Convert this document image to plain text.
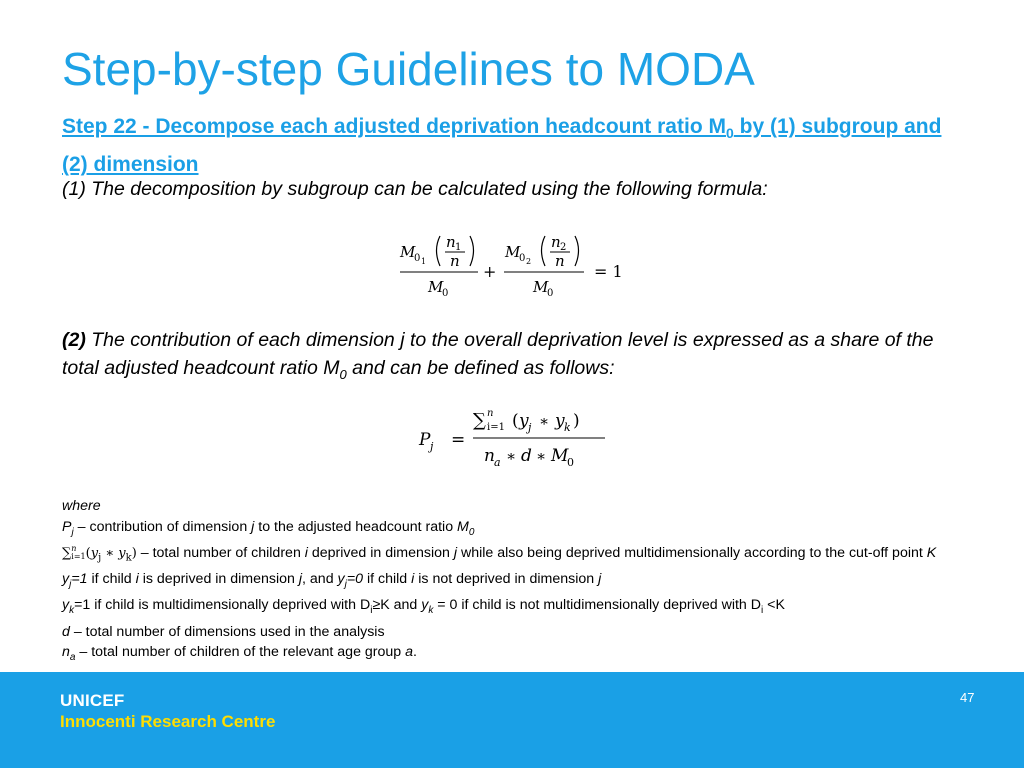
Step-by-step Guidelines to MODA
Step 22 - Decompose each adjusted deprivation headcount ratio $M_0$ by (1) subgroup and (2) dimension
(1) The decomposition by subgroup can be calculated using the following formula:
M
0 1
n 1
n
M
0
+
M
0 2
n 2
n
M
0
= 1
(2) The contribution of each dimension j to the overall deprivation level is expressed as a share of the total adjusted headcount ratio $M_0$ and can be defined as follows:
P j =
∑ n
i=1 ( y j ∗ y k )
n a ∗ d ∗ M
0
where
$P_j$ – contribution of dimension j to the adjusted headcount ratio $M_0$
∑ n
i=1 ($y_j$ ∗ $y_k$) – total number of children i deprived in dimension j while also being deprived multidimensionally according to the cut-off point K
$y_j=1$ if child i is deprived in dimension j, and $y_j=0$ if child i is not deprived in dimension j
$y_k=1$ if child is multidimensionally deprived with $D_i\ge K$ and $y_k = 0$ if child is not multidimensionally deprived with $D_i <K$
d – total number of dimensions used in the analysis
$n_a$ – total number of children of the relevant age group a.
UNICEF
Innocenti Research Centre
47
